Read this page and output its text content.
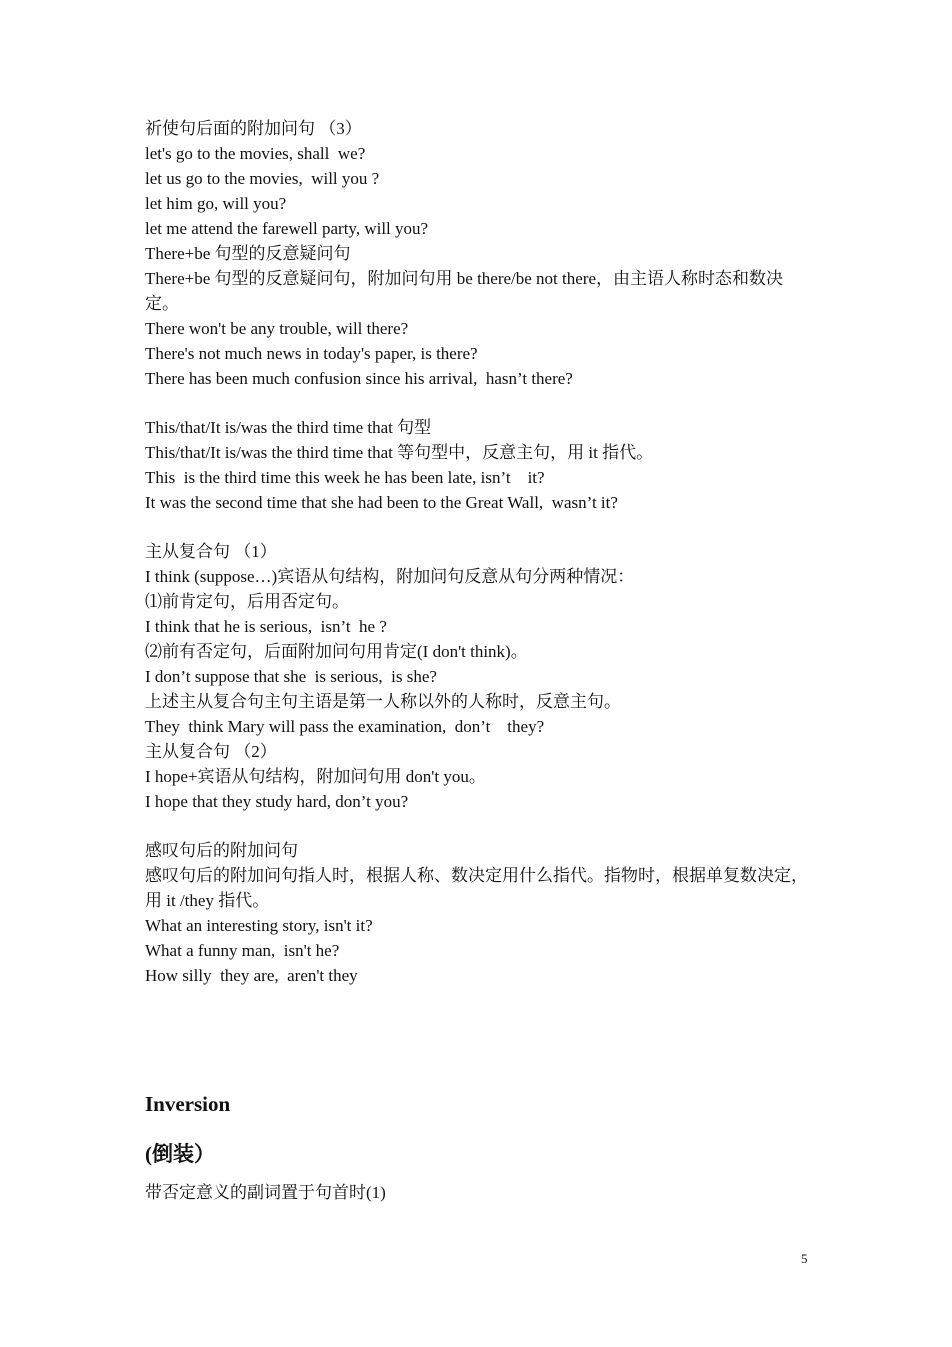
祈使句后面的附加问句 （3）

let's go to the movies, shall  we?

let us go to the movies,  will you ?

let him go, will you?

let me attend the farewell party, will you?

There+be 句型的反意疑问句

There+be 句型的反意疑问句，附加问句用 be there/be not there，由主语人称时态和数决定。

There won't be any trouble, will there?

There's not much news in today's paper, is there?

There has been much confusion since his arrival,  hasn’t there?

This/that/It is/was the third time that 句型

This/that/It is/was the third time that 等句型中，反意主句，用 it 指代。

This  is the third time this week he has been late, isn’t    it?

It was the second time that she had been to the Great Wall,  wasn’t it?

主从复合句 （1）

I think (suppose…)宾语从句结构，附加问句反意从句分两种情况：

⑴前肯定句，后用否定句。

I think that he is serious,  isn’t  he ?

⑵前有否定句，后面附加问句用肯定(I don't think)。

I don’t suppose that she  is serious,  is she?

上述主从复合句主句主语是第一人称以外的人称时，反意主句。

They  think Mary will pass the examination,  don’t    they?

主从复合句 （2）

I hope+宾语从句结构，附加问句用 don't you。

I hope that they study hard, don’t you?

感叹句后的附加问句

感叹句后的附加问句指人时，根据人称、数决定用什么指代。指物时，根据单复数决定，用 it /they 指代。

What an interesting story, isn't it?

What a funny man,  isn't he?

How silly  they are,  aren't they

Inversion

(倒装）

带否定意义的副词置于句首时(1)

5
